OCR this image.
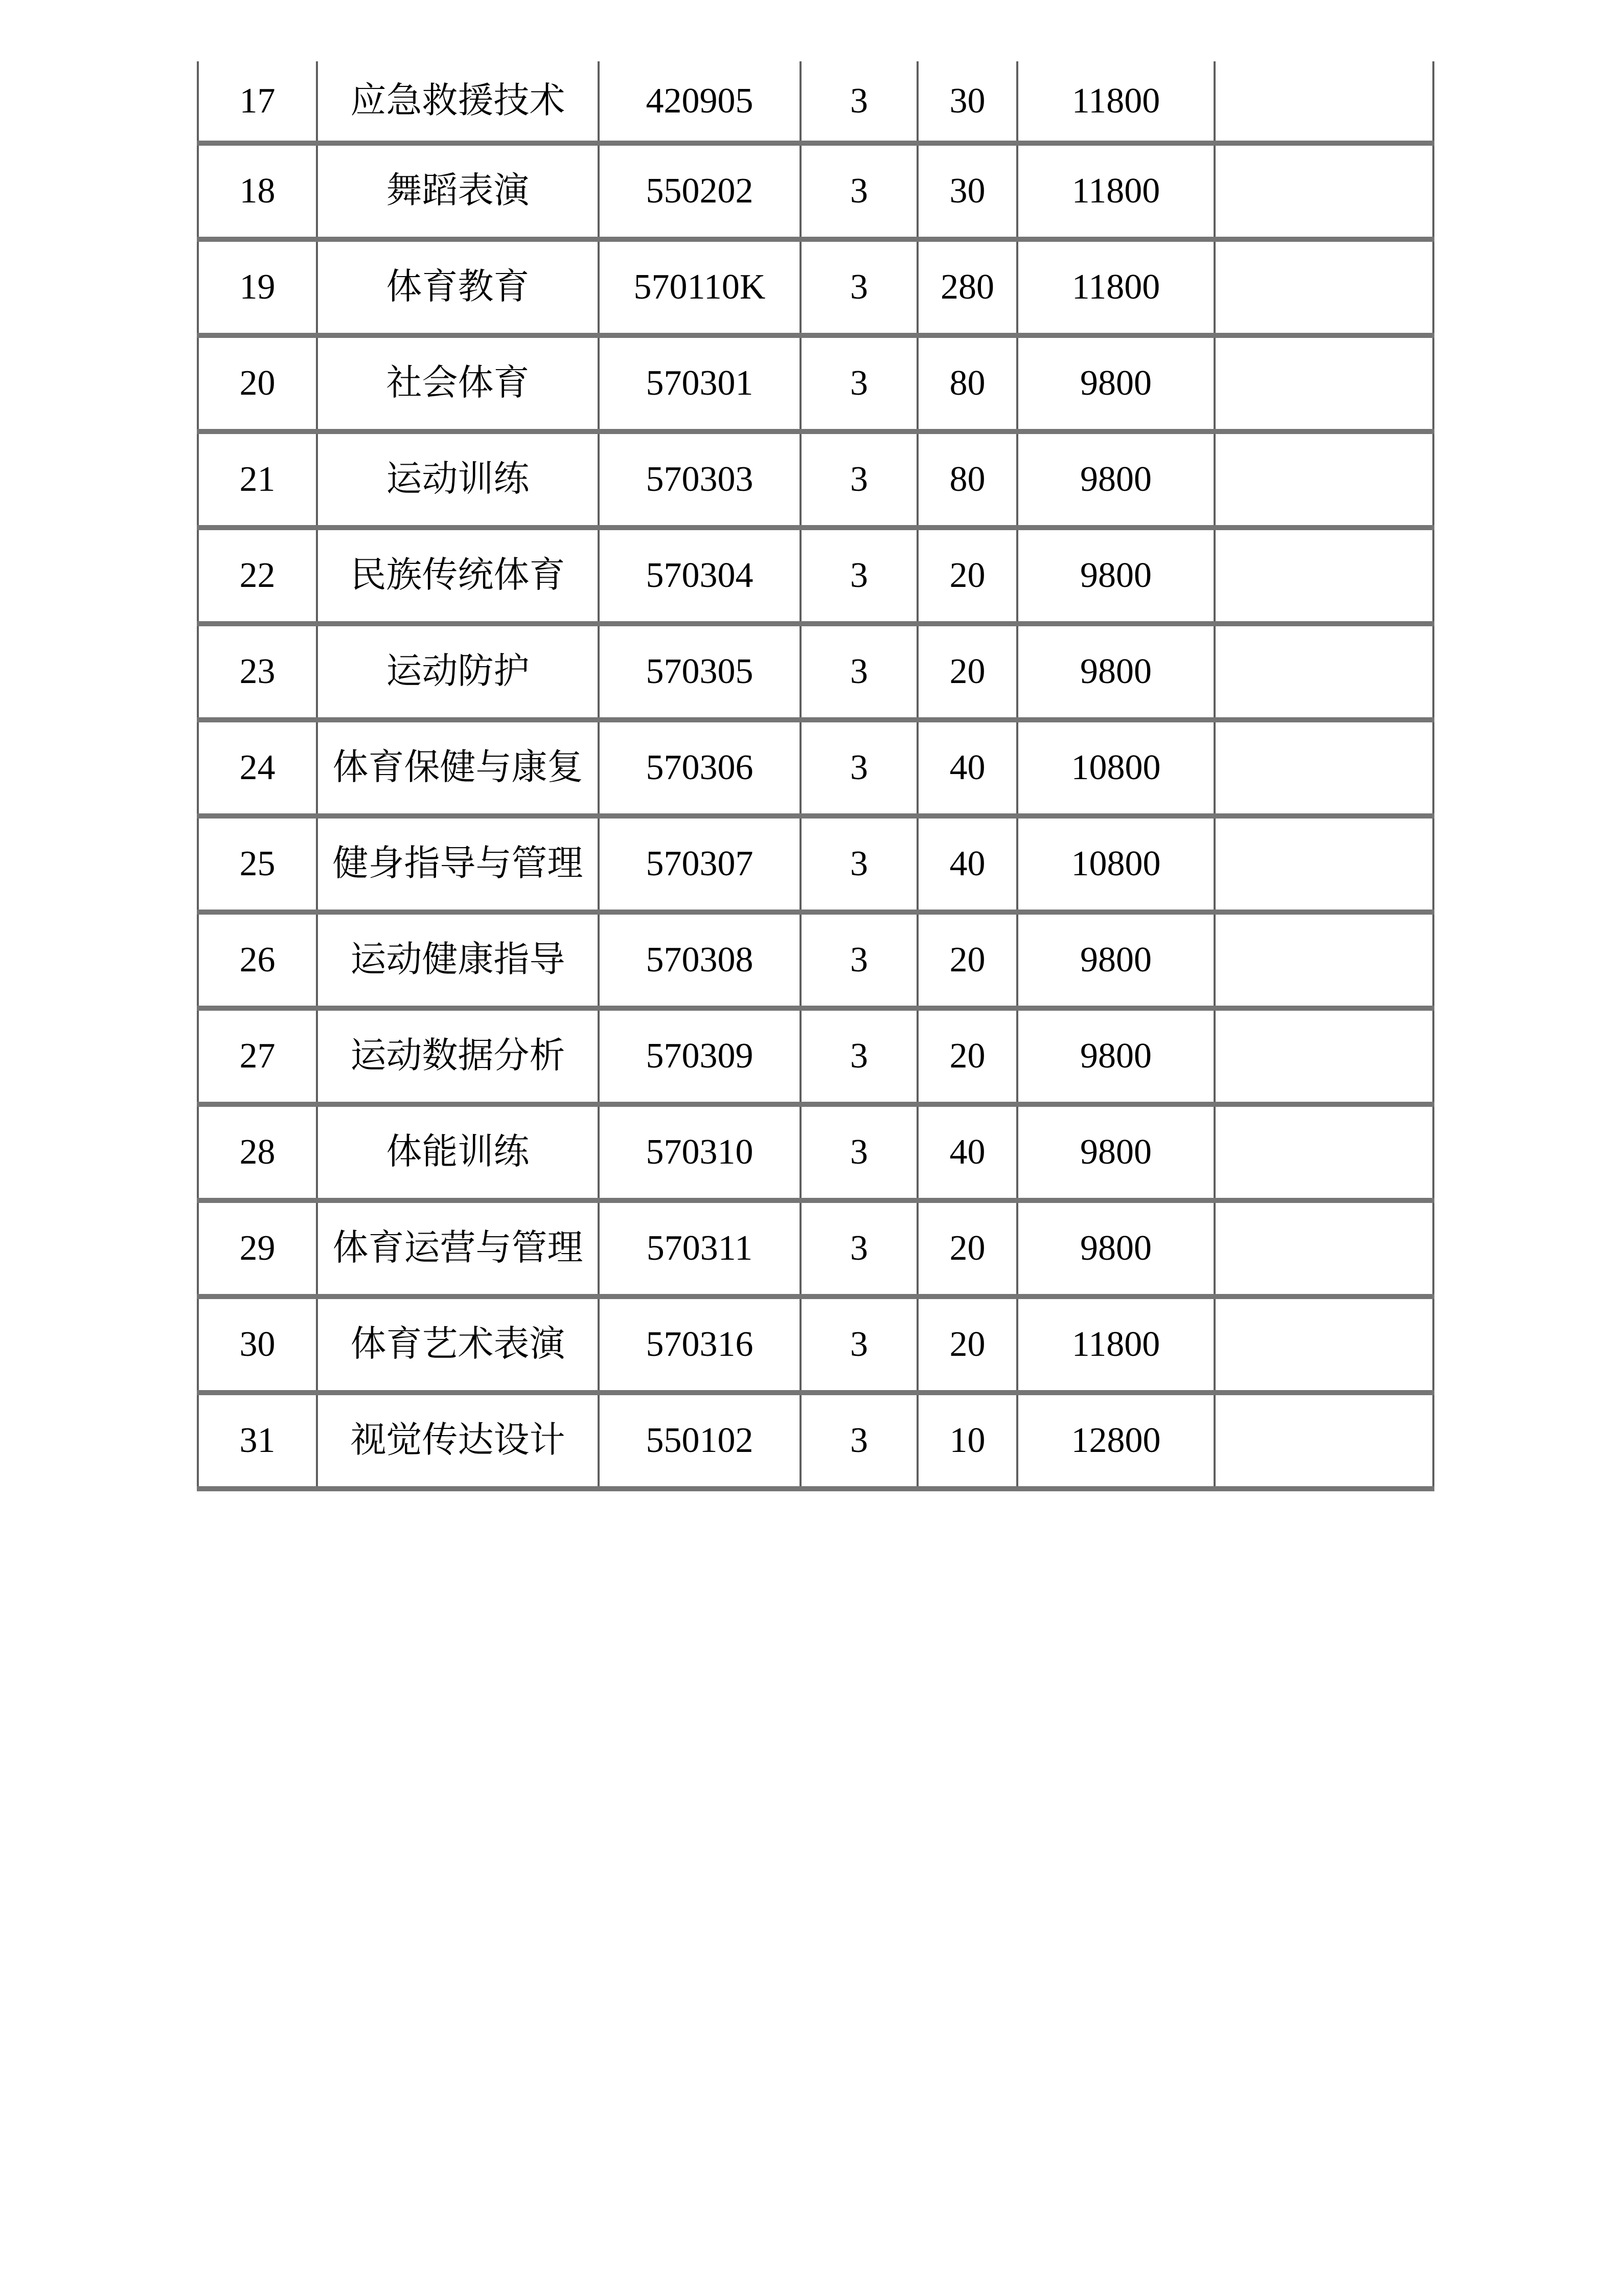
17	应急救援技术	420905	3	30	11800
18	舞蹈表演	550202	3	30	11800
19	体育教育	570110K	3	280	11800
20	社会体育	570301	3	80	9800
21	运动训练	570303	3	80	9800
22	民族传统体育	570304	3	20	9800
23	运动防护	570305	3	20	9800
24	体育保健与康复	570306	3	40	10800
25	健身指导与管理	570307	3	40	10800
26	运动健康指导	570308	3	20	9800
27	运动数据分析	570309	3	20	9800
28	体能训练	570310	3	40	9800
29	体育运营与管理	570311	3	20	9800
30	体育艺术表演	570316	3	20	11800
31	视觉传达设计	550102	3	10	12800
